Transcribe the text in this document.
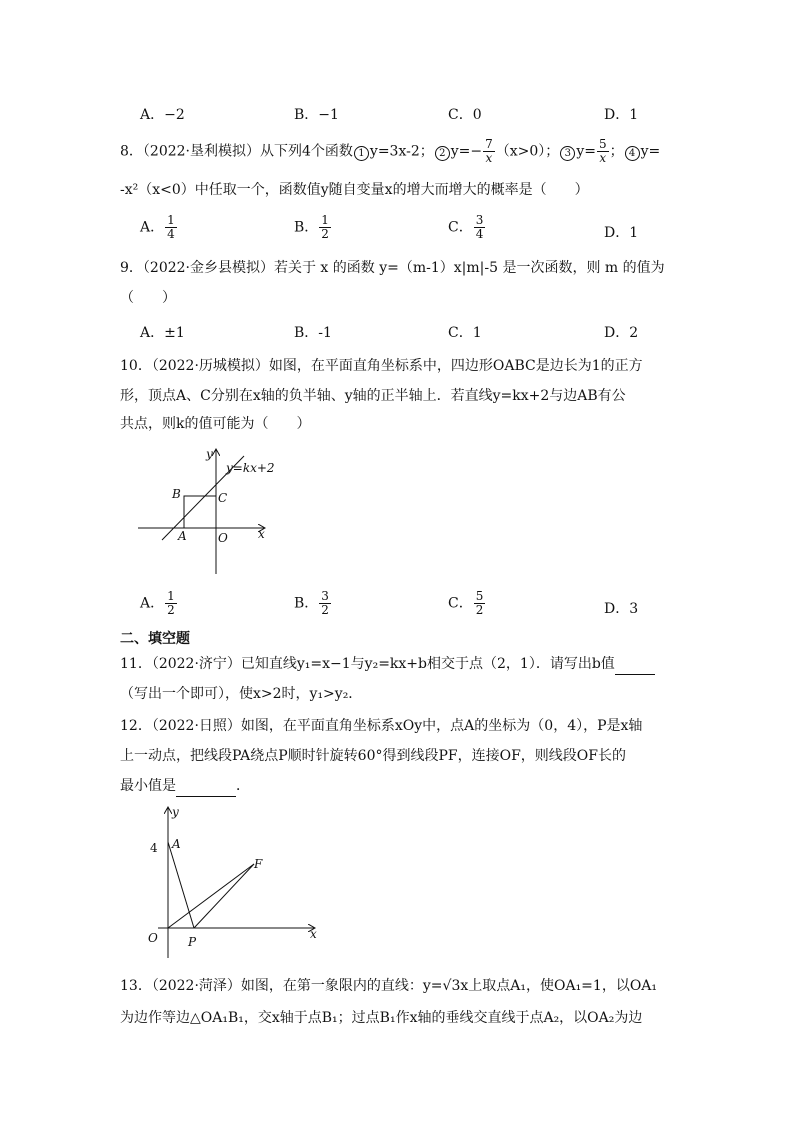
A．−2	B．−1	C．0	D．1
8．（2022·垦利模拟）从下列4个函数 1 y=3x-2； 2 $y=- \frac{7}{x} (x>0)$； 3 $y= \frac{5}{x}$ ； 4 y=
-x²（x<0）中任取一个，函数值y随自变量x的增大而增大的概率是（　　）
A． $\frac{1}{4}$	B． $\frac{1}{2}$	C． $\frac{3}{4}$	D．1
9．（2022·金乡县模拟）若关于 x 的函数 y=（m-1）x|m|-5 是一次函数，则 m 的值为
（　　）
A．±1	B．-1	C．1	D．2
10．（2022·历城模拟）如图，在平面直角坐标系中，四边形OABC是边长为1的正方
形，顶点A、C分别在x轴的负半轴、y轴的正半轴上．若直线y=kx+2与边AB有公
共点，则k的值可能为（　　）
y=kx+2
y
x
B	C
A	O
A． $\frac{1}{2}$	B． $\frac{3}{2}$	C． $\frac{5}{2}$	D．3
二、填空题
11．（2022·济宁）已知直线y₁=x−1与y₂=kx+b相交于点（2，1）．请写出b值
（写出一个即可），使x>2时，y₁>y₂．
12．（2022·日照）如图，在平面直角坐标系xOy中，点A的坐标为（0，4），P是x轴
上一动点，把线段PA绕点P顺时针旋转60°得到线段PF，连接OF，则线段OF长的
最小值是	．
y
4 A
F
O	P
x
13．（2022·菏泽）如图，在第一象限内的直线：y=√3x上取点A₁，使OA₁=1，以OA₁
为边作等边△OA₁B₁，交x轴于点B₁；过点B₁作x轴的垂线交直线于点A₂，以OA₂为边
